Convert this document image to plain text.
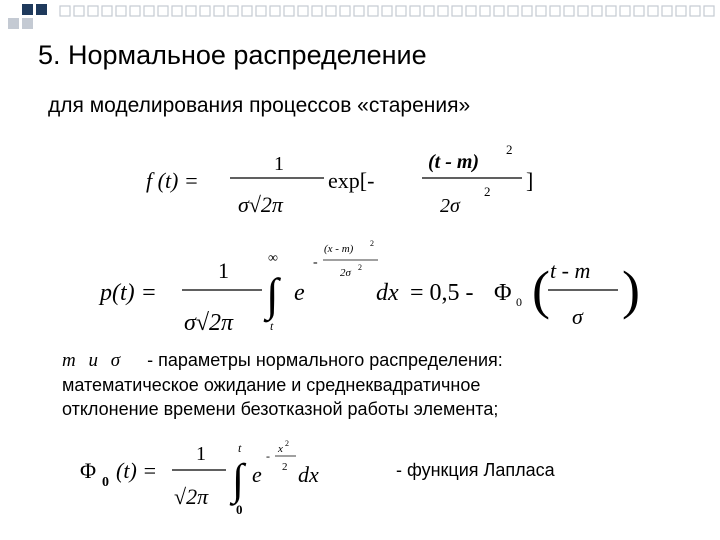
5. Нормальное распределение
для моделирования процессов «старения»
f (t) =
1
σ√2π
exp[-
(t - m)
2
2σ
2 ]
p(t) =
1
σ√2π
∞
∫
t
e
-
(x - m) 2
2σ 2
dx = 0,5 - Φ 0 ( t - m
σ )
Φ 0 (t) =
1
√2π
t
∫
0
e
- x 2
2 dx
m и σ - параметры нормального распределения:
математическое ожидание и среднеквадратичное
отклонение времени безотказной работы элемента;
- функция Лапласа
